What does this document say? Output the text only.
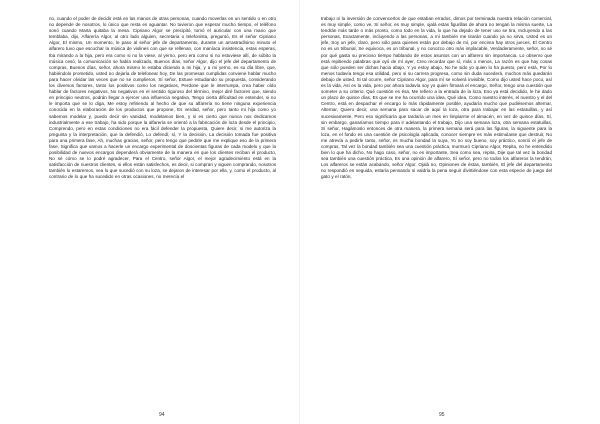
no, cuando el poder de decidir está en las manos de otras personas, cuando moverlas en un sentido o en otro no depende de nosotros, lo único que resta es aguantar. No tuvieron que esperar mucho tiempo, el teléfono sonó cuando Marta quitaba la mesa. Cipriano Algor se precipitó, tomó el auricular con una mano que temblaba, dijo, Alfarería Algor, al otro lado alguien, secretaria o telefonista, preguntó, Es el señor Cipriano Algor, El mismo, Un momento, le paso al señor jefe de departamento, durante un arrastradísimo minuto el alfarero tuvo que escuchar la música de violines con que se rellenan, con maníaca insistencia, estas esperas, Iba mirando a la hija, pero era como si no la viese, al yerno, pero era como si no estuviese allí, de súbito la música cesó, la comunicación se había realizado, Buenos días, señor Algor, dijo el jefe del departamento de compras, Buenos días, señor, ahora mismo le estaba diciendo a mi hija, y a mi yerno, es su día libre, que, habiéndolo prometido, usted no dejaría de telefonear hoy, De las promesas cumplidas conviene hablar mucho para hacer olvidar las veces que no se cumplieron, Sí señor, Estuve estudiando su propuesta, considerando los diversos factores, tanto los positivos como los negativos, Perdone que le interrumpa, crea haber oído hablar de factores negativos, No negativos en el sentido riguroso del término, mejor diré factores que, siendo en principio neutros, podrán llegar a ejercer una influencia negativa, Tengo cierta dificultad en entender, si no le importa que se lo diga, Me estoy refiriendo al hecho de que su alfarería no tiene ninguna experiencia conocida en la elaboración de los productos que propone, Es verdad, señor, pero tanto mi hija como yo sabemos modelar y, puedo decir sin vanidad, modelamos bien, y si es cierto que nunca nos dedicamos industrialmente a ese trabajo, ha sido porque la alfarería se orientó a la fabricación de loza desde el principio, Comprendo, pero en estas condiciones no era fácil defender la propuesta, Quiere decir, si me autoriza la pregunta y la interpretación, que la defendió, Lo defendí, sí, Y la decisión, La decisión tomada fue positiva para una primera fase, Ah, muchas gracias, señor, pero tengo que pedirle que me explique eso de la primera fase, Significa que vamos a hacerle un encargo experimental de doscientas figuras de cada modelo y que la posibilidad de nuevos encargos dependerá obviamente de la manera en que los clientes reciban el producto, No sé cómo se lo podré agradecer, Para el Centro, señor Algor, el mejor agradecimiento está en la satisfacción de nuestros clientes, si ellos están satisfechos, es decir, si compran y siguen comprando, nosotros también lo estaremos, vea lo que sucedió con su loza, se dejaron de interesar por ella, y, como el producto, al contrario de lo que ha sucedido en otras ocasiones, no merecía el

94

trabajo ni la inversión de convencerlos de que estaban errados, dimos por terminada nuestra relación comercial, es muy simple, como ve, Sí señor, es muy simple, ojalá estas figurillas de ahora no tengan la misma suerte, La tendrán más tarde o más pronto, como todo en la vida, lo que ha dejado de tener uso se tira, Incluyendo a las personas, Exactamente, incluyendo a las personas, a mí también me tirarán cuando ya no sirva, Usted es un jefe, Soy un jefe, claro, pero sólo para quienes están por debajo de mí, por encima hay otros jueces, El Centro no es un tribunal, Se equivoca, es un tribunal, y no conozco otro más implacable, Verdaderamente, señor, no sé por qué gasta su precioso tiempo hablando de estos asuntos con un alfarero sin importancia, Lo observo que está repitiendo palabras que oyó de mí ayer, Creo recordar que sí, más o menos, La razón es que hay cosas que sólo pueden ser dichas hacia abajo, Y yo estoy abajo, No he sido yo quien lo ha puesto, pero está, Por lo menos todavía tengo esa utilidad, pero si su carrera progresa, como sin duda sucederá, muchos más quedarán debajo de usted, Si tal ocurre, señor Cipriano Algor, para mí se volverá invisible, Como dijo usted hace poco, así es la vida, Así es la vida, pero por ahora todavía soy yo quien firmará el encargo, Señor, tengo una cuestión que someter a su criterio, Qué cuestión es ésa, Me refiero a la entrada de la loza, Eso ya está decidido, le he dado un plazo de quince días, Es que se me ha ocurrido una idea, Qué idea, Como nuestro interés, el nuestro y el del Centro, está en despachar el encargo lo más rápidamente posible, ayudaría mucho que pudiésemos alternar, Alternar, Quiero decir, una semana para sacar de aquí la loza, otra para trabajar en las estatuillas, y así sucesivamente, Pero eso significaría que tardaría un mes en limpiarme el almacén, en vez de quince días, Sí, sin embargo, ganaríamos tiempo para ir adelantando el trabajo, Dijo una semana loza, otra semana estatuillas, Sí señor, Hagámoslo entonces de otra manera, la primera semana será para las figuras, la siguiente para la loza, en el fondo es una cuestión de psicología aplicada, conocer siempre es más estimulante que destruir, No me atrevía a pedirle tanto, señor, es mucha bondad la suya, Yo no soy bueno, soy práctico, sonrió el jefe de compras, Tal vez la bondad también sea una cuestión práctica, murmuró Cipriano Algor, Repita, no he entendido bien lo que ha dicho, No hago caso, señor, no es importante, Sea como sea, repita, Dije que tal vez la bondad sea también una cuestión práctica, Es una opinión de alfarero, Sí señor, pero no todos los alfareros la tendrán, Los alfareros se están acabando, señor Algor, Ojalá no, Opiniones de éstas, también, El jefe del departamento no respondió en seguida, estaría pensando si valdría la pena seguir divirtiéndose con esta especie de juego del gato y el ratón,

95
